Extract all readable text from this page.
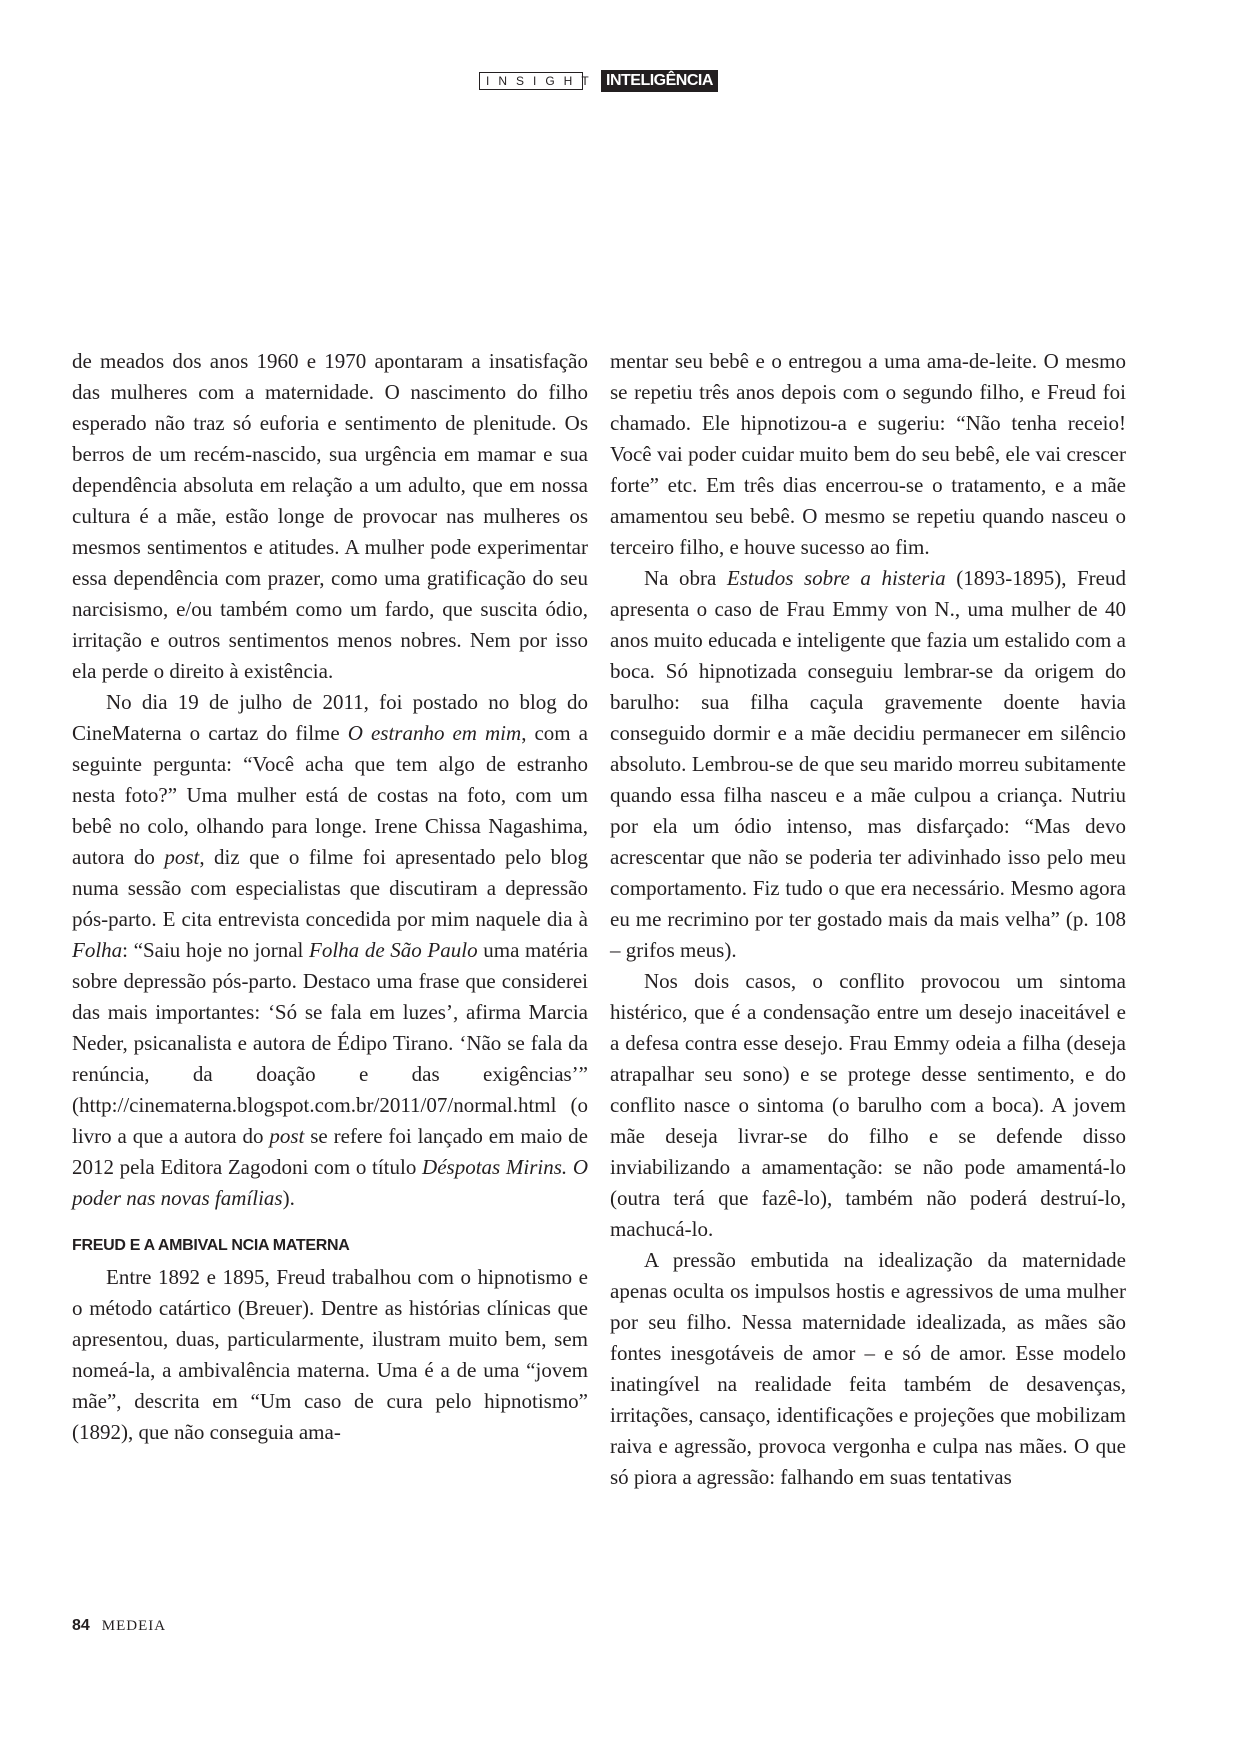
INSIGHT INTELIGÊNCIA

de meados dos anos 1960 e 1970 apontaram a insatisfação das mulheres com a maternidade. O nascimento do filho esperado não traz só euforia e sentimento de plenitude. Os berros de um recém-nascido, sua urgência em mamar e sua dependência absoluta em relação a um adulto, que em nossa cultura é a mãe, estão longe de provocar nas mulheres os mesmos sentimentos e atitudes. A mulher pode experimentar essa dependência com prazer, como uma gratificação do seu narcisismo, e/ou também como um fardo, que suscita ódio, irritação e outros sentimentos menos nobres. Nem por isso ela perde o direito à existência.

No dia 19 de julho de 2011, foi postado no blog do CineMaterna o cartaz do filme O estranho em mim, com a seguinte pergunta: “Você acha que tem algo de estranho nesta foto?” Uma mulher está de costas na foto, com um bebê no colo, olhando para longe. Irene Chissa Nagashima, autora do post, diz que o filme foi apresentado pelo blog numa sessão com especialistas que discutiram a depressão pós-parto. E cita entrevista concedida por mim naquele dia à Folha: “Saiu hoje no jornal Folha de São Paulo uma matéria sobre depressão pós-parto. Destaco uma frase que considerei das mais importantes: ‘Só se fala em luzes’, afirma Marcia Neder, psicanalista e autora de Édipo Tirano. ‘Não se fala da renúncia, da doação e das exigências’” (http://cinematerna.blogspot.com.br/2011/07/normal.html (o livro a que a autora do post se refere foi lançado em maio de 2012 pela Editora Zagodoni com o título Déspotas Mirins. O poder nas novas famílias).

FREUD E A AMBIVAL NCIA MATERNA

Entre 1892 e 1895, Freud trabalhou com o hipnotismo e o método catártico (Breuer). Dentre as histórias clínicas que apresentou, duas, particularmente, ilustram muito bem, sem nomeá-la, a ambivalência materna. Uma é a de uma “jovem mãe”, descrita em “Um caso de cura pelo hipnotismo” (1892), que não conseguia ama-

mentar seu bebê e o entregou a uma ama-de-leite. O mesmo se repetiu três anos depois com o segundo filho, e Freud foi chamado. Ele hipnotizou-a e sugeriu: “Não tenha receio! Você vai poder cuidar muito bem do seu bebê, ele vai crescer forte” etc. Em três dias encerrou-se o tratamento, e a mãe amamentou seu bebê. O mesmo se repetiu quando nasceu o terceiro filho, e houve sucesso ao fim.

Na obra Estudos sobre a histeria (1893-1895), Freud apresenta o caso de Frau Emmy von N., uma mulher de 40 anos muito educada e inteligente que fazia um estalido com a boca. Só hipnotizada conseguiu lembrar-se da origem do barulho: sua filha caçula gravemente doente havia conseguido dormir e a mãe decidiu permanecer em silêncio absoluto. Lembrou-se de que seu marido morreu subitamente quando essa filha nasceu e a mãe culpou a criança. Nutriu por ela um ódio intenso, mas disfarçado: “Mas devo acrescentar que não se poderia ter adivinhado isso pelo meu comportamento. Fiz tudo o que era necessário. Mesmo agora eu me recrimino por ter gostado mais da mais velha” (p. 108 – grifos meus).

Nos dois casos, o conflito provocou um sintoma histérico, que é a condensação entre um desejo inaceitável e a defesa contra esse desejo. Frau Emmy odeia a filha (deseja atrapalhar seu sono) e se protege desse sentimento, e do conflito nasce o sintoma (o barulho com a boca). A jovem mãe deseja livrar-se do filho e se defende disso inviabilizando a amamentação: se não pode amamentá-lo (outra terá que fazê-lo), também não poderá destruí-lo, machucá-lo.

A pressão embutida na idealização da maternidade apenas oculta os impulsos hostis e agressivos de uma mulher por seu filho. Nessa maternidade idealizada, as mães são fontes inesgotáveis de amor – e só de amor. Esse modelo inatingível na realidade feita também de desavenças, irritações, cansaço, identificações e projeções que mobilizam raiva e agressão, provoca vergonha e culpa nas mães. O que só piora a agressão: falhando em suas tentativas

84 MEDEIA
